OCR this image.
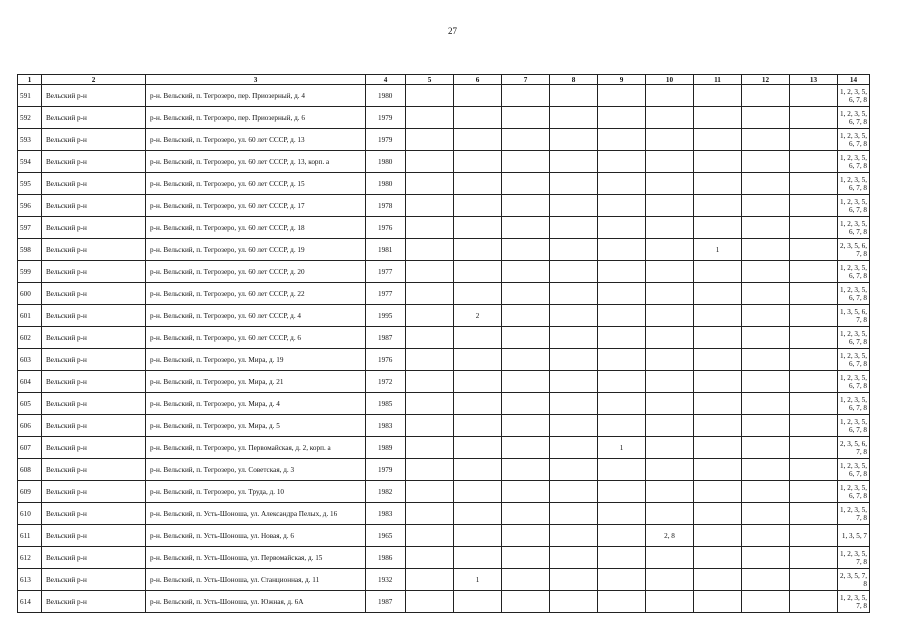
27
1	2	3	4	5	6	7	8	9	10	11	12	13	14
591	Вельский р-н	р-н. Вельский, п. Тегрозеро, пер. Приозерный, д. 4	1980										1, 2, 3, 5, 6, 7, 8
592	Вельский р-н	р-н. Вельский, п. Тегрозеро, пер. Приозерный, д. 6	1979										1, 2, 3, 5, 6, 7, 8
593	Вельский р-н	р-н. Вельский, п. Тегрозеро, ул. 60 лет СССР, д. 13	1979										1, 2, 3, 5, 6, 7, 8
594	Вельский р-н	р-н. Вельский, п. Тегрозеро, ул. 60 лет СССР, д. 13, корп. а	1980										1, 2, 3, 5, 6, 7, 8
595	Вельский р-н	р-н. Вельский, п. Тегрозеро, ул. 60 лет СССР, д. 15	1980										1, 2, 3, 5, 6, 7, 8
596	Вельский р-н	р-н. Вельский, п. Тегрозеро, ул. 60 лет СССР, д. 17	1978										1, 2, 3, 5, 6, 7, 8
597	Вельский р-н	р-н. Вельский, п. Тегрозеро, ул. 60 лет СССР, д. 18	1976										1, 2, 3, 5, 6, 7, 8
598	Вельский р-н	р-н. Вельский, п. Тегрозеро, ул. 60 лет СССР, д. 19	1981							1			2, 3, 5, 6, 7, 8
599	Вельский р-н	р-н. Вельский, п. Тегрозеро, ул. 60 лет СССР, д. 20	1977										1, 2, 3, 5, 6, 7, 8
600	Вельский р-н	р-н. Вельский, п. Тегрозеро, ул. 60 лет СССР, д. 22	1977										1, 2, 3, 5, 6, 7, 8
601	Вельский р-н	р-н. Вельский, п. Тегрозеро, ул. 60 лет СССР, д. 4	1995		2								1, 3, 5, 6, 7, 8
602	Вельский р-н	р-н. Вельский, п. Тегрозеро, ул. 60 лет СССР, д. 6	1987										1, 2, 3, 5, 6, 7, 8
603	Вельский р-н	р-н. Вельский, п. Тегрозеро, ул. Мира, д. 19	1976										1, 2, 3, 5, 6, 7, 8
604	Вельский р-н	р-н. Вельский, п. Тегрозеро, ул. Мира, д. 21	1972										1, 2, 3, 5, 6, 7, 8
605	Вельский р-н	р-н. Вельский, п. Тегрозеро, ул. Мира, д. 4	1985										1, 2, 3, 5, 6, 7, 8
606	Вельский р-н	р-н. Вельский, п. Тегрозеро, ул. Мира, д. 5	1983										1, 2, 3, 5, 6, 7, 8
607	Вельский р-н	р-н. Вельский, п. Тегрозеро, ул. Первомайская, д. 2, корп. а	1989					1					2, 3, 5, 6, 7, 8
608	Вельский р-н	р-н. Вельский, п. Тегрозеро, ул. Советская, д. 3	1979										1, 2, 3, 5, 6, 7, 8
609	Вельский р-н	р-н. Вельский, п. Тегрозеро, ул. Труда, д. 10	1982										1, 2, 3, 5, 6, 7, 8
610	Вельский р-н	р-н. Вельский, п. Усть-Шоноша, ул. Александра Пелых, д. 16	1983										1, 2, 3, 5, 7, 8
611	Вельский р-н	р-н. Вельский, п. Усть-Шоноша, ул. Новая, д. 6	1965						2, 8				1, 3, 5, 7
612	Вельский р-н	р-н. Вельский, п. Усть-Шоноша, ул. Первомайская, д. 15	1986										1, 2, 3, 5, 7, 8
613	Вельский р-н	р-н. Вельский, п. Усть-Шоноша, ул. Станционная, д. 11	1932		1								2, 3, 5, 7, 8
614	Вельский р-н	р-н. Вельский, п. Усть-Шоноша, ул. Южная, д. 6А	1987										1, 2, 3, 5, 7, 8
